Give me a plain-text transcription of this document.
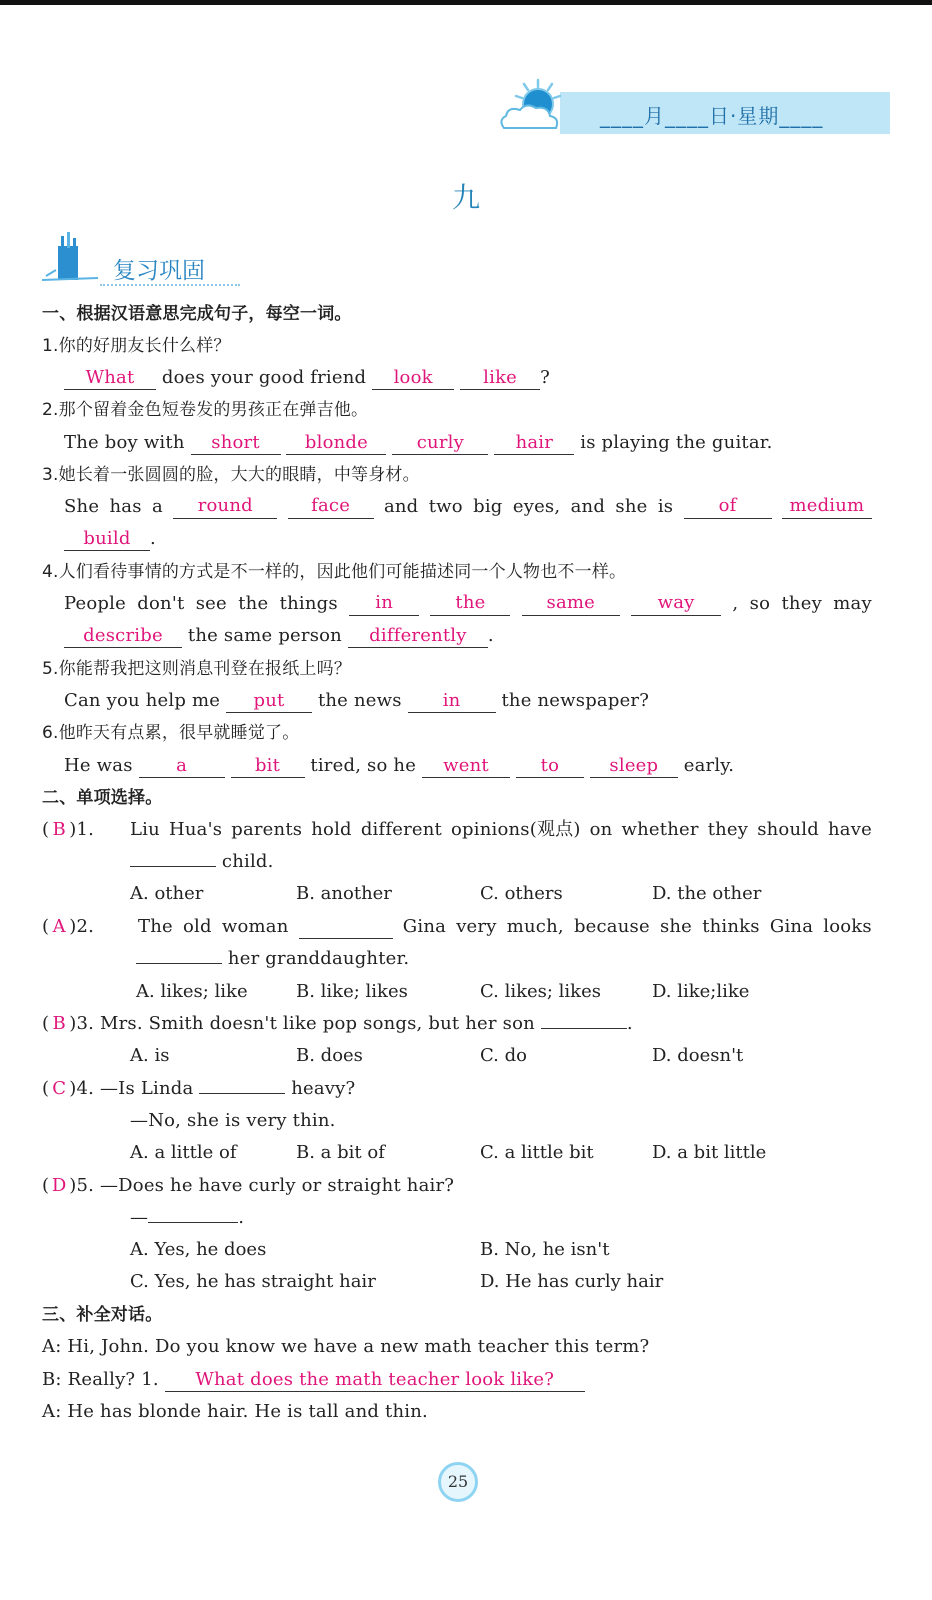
____月____日·星期____
九
复习巩固
一、根据汉语意思完成句子，每空一词。
1.你的好朋友长什么样？
What does your good friend look	like ?
2.那个留着金色短卷发的男孩正在弹吉他。
The boy with short	blonde	curly	hair is playing the guitar.
3.她长着一张圆圆的脸，大大的眼睛，中等身材。
She has a	round	face	and two big eyes, and she is	of	medium
build .
4.人们看待事情的方式是不一样的，因此他们可能描述同一个人物也不一样。
People don't see the things	in	the	same	way	, so they may
describe the same person differently .
5.你能帮我把这则消息刊登在报纸上吗？
Can you help me put the news in the newspaper?
6.他昨天有点累，很早就睡觉了。
He was a	bit tired, so he went	to	sleep early.
二、单项选择。
( B )1. Liu Hua's parents hold different opinions(观点) on whether they should have
child.
A. other	B. another	C. others	D. the other
( A )2. The old woman	Gina very much, because she thinks Gina looks
her granddaughter.
A. likes; like	B. like; likes	C. likes; likes	D. like;like
( B )3. Mrs. Smith doesn't like pop songs, but her son	.
A. is	B. does	C. do	D. doesn't
( C )4. —Is Linda	heavy?
—No, she is very thin.
A. a little of	B. a bit of	C. a little bit	D. a bit little
( D )5. —Does he have curly or straight hair?
—	.
A. Yes, he does	B. No, he isn't
C. Yes, he has straight hair	D. He has curly hair
三、补全对话。
A: Hi, John. Do you know we have a new math teacher this term?
B: Really? 1. What does the math teacher look like?
A: He has blonde hair. He is tall and thin.
25
